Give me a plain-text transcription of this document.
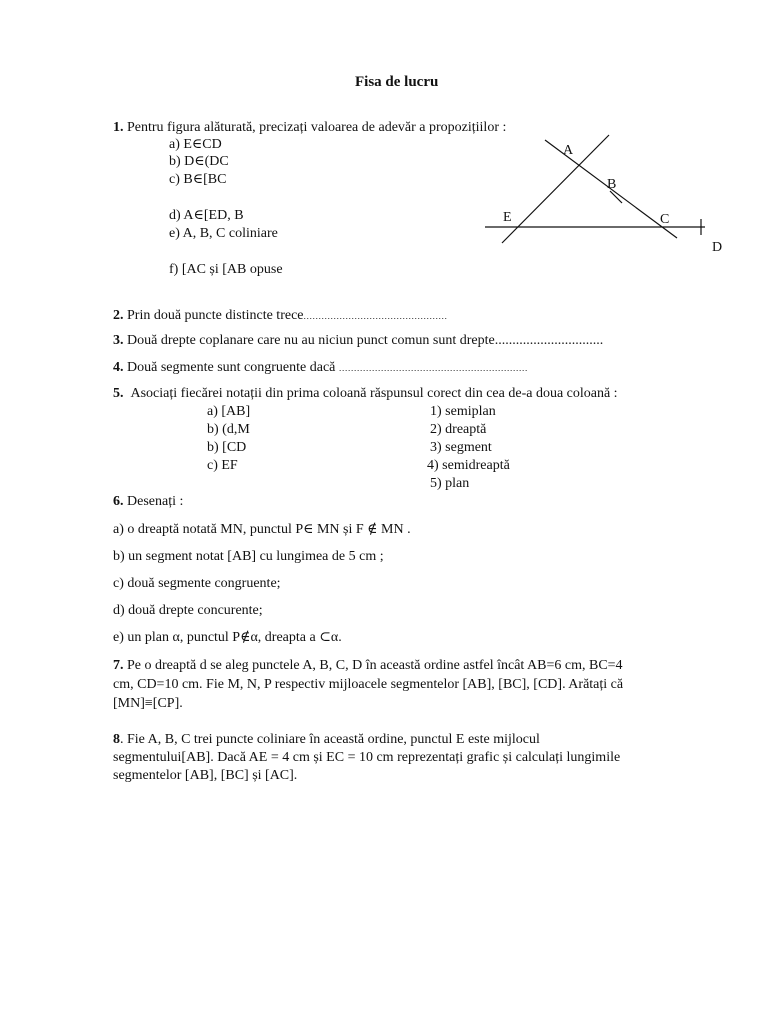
Fisa de lucru
1. Pentru figura alăturată, precizați valoarea de adevăr a propozițiilor :
a) E∈CD
b) D∈(DC
c) B∈[BC
d) A∈[ED, B
e) A, B, C coliniare
f) [AC și [AB opuse
A
B
E	C
D
2. Prin două puncte distincte trece................................................
3. Două drepte coplanare care nu au niciun punct comun sunt drepte...............................
4. Două segmente sunt congruente dacă ...............................................................
5. Asociați fiecărei notații din prima coloană răspunsul corect din cea de-a doua coloană :
a) [AB]
b) (d,M
b) [CD
c) EF
1) semiplan
2) dreaptă
3) segment
4) semidreaptă
5) plan
6. Desenați :
a) o dreaptă notată MN, punctul P∈ MN și F ∉ MN .
b) un segment notat [AB] cu lungimea de 5 cm ;
c) două segmente congruente;
d) două drepte concurente;
e) un plan α, punctul P∉α, dreapta a ⊂α.
7. Pe o dreaptă d se aleg punctele A, B, C, D în această ordine astfel încât AB=6 cm, BC=4
cm, CD=10 cm. Fie M, N, P respectiv mijloacele segmentelor [AB], [BC], [CD]. Arătați că
[MN]≡[CP].
8. Fie A, B, C trei puncte coliniare în această ordine, punctul E este mijlocul
segmentului[AB]. Dacă AE = 4 cm și EC = 10 cm reprezentați grafic și calculați lungimile
segmentelor [AB], [BC] și [AC].
